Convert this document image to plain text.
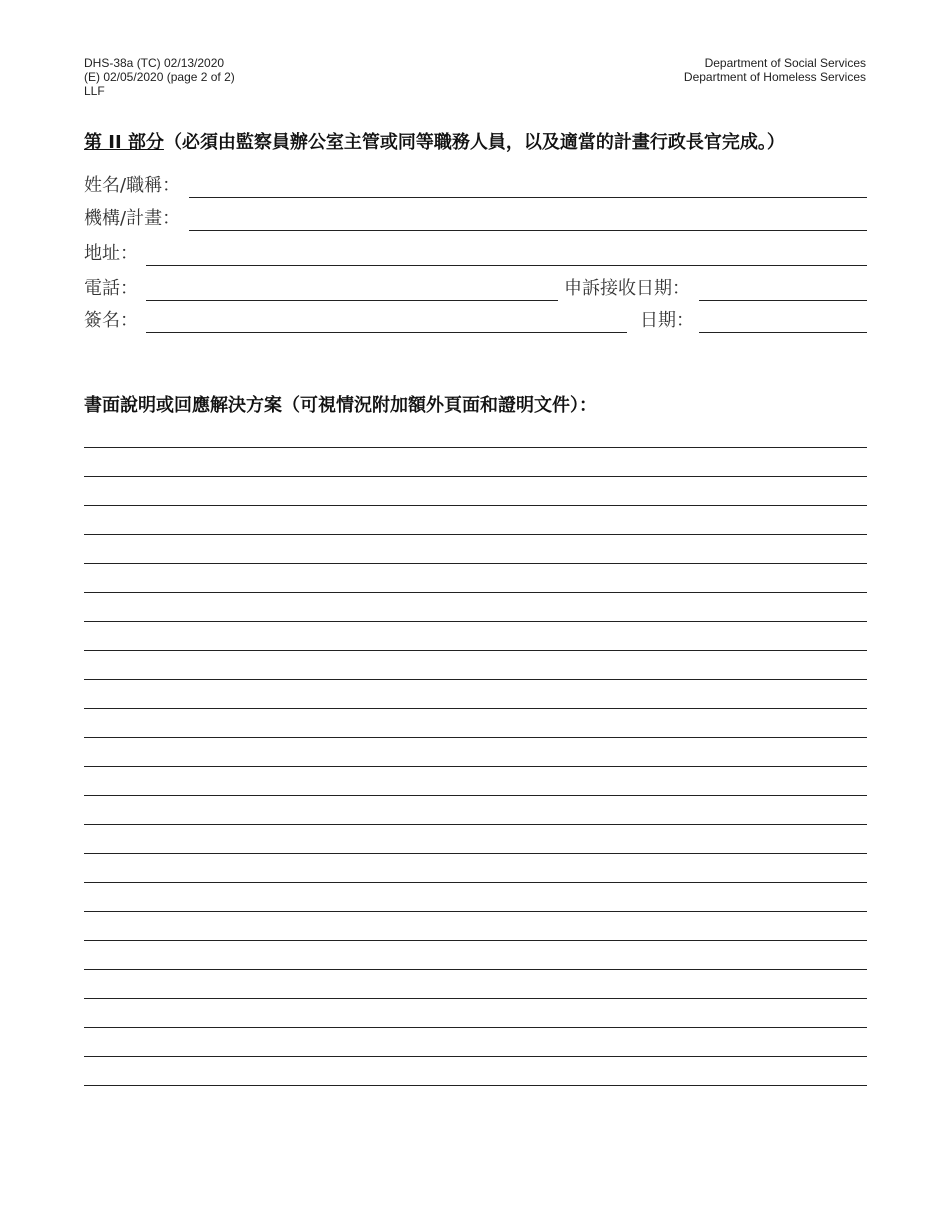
DHS-38a (TC) 02/13/2020
(E) 02/05/2020 (page 2 of 2)
LLF
Department of Social Services
Department of Homeless Services
第 II 部分（必須由監察員辦公室主管或同等職務人員，以及適當的計畫行政長官完成。）
姓名/職稱：
機構/計畫：
地址：
電話：	申訴接收日期：
簽名：	日期：
書面說明或回應解決方案（可視情況附加額外頁面和證明文件）：
